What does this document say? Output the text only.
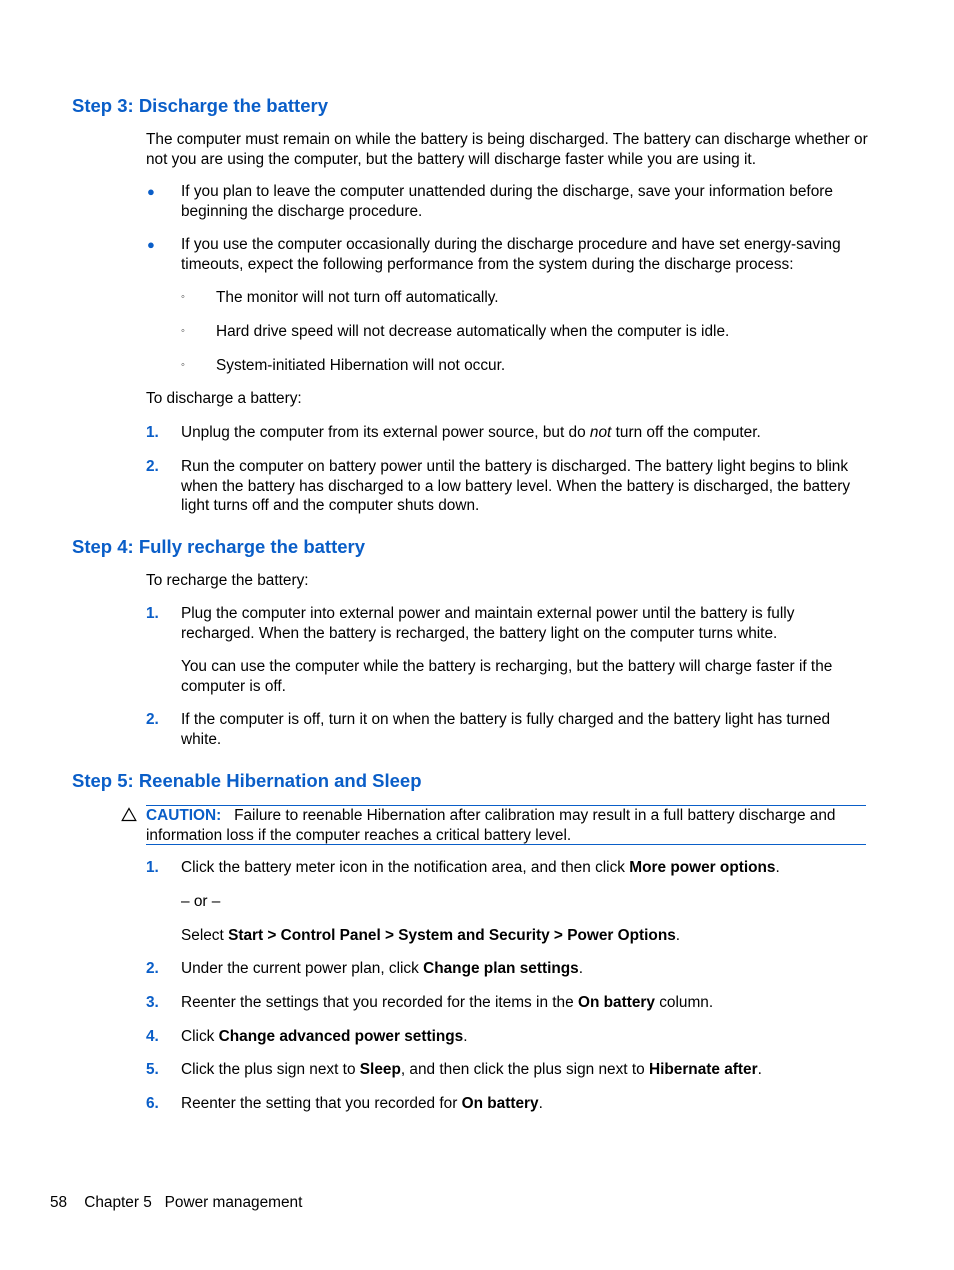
Step 3: Discharge the battery

The computer must remain on while the battery is being discharged. The battery can discharge whether or not you are using the computer, but the battery will discharge faster while you are using it.

● If you plan to leave the computer unattended during the discharge, save your information before beginning the discharge procedure.
● If you use the computer occasionally during the discharge procedure and have set energy-saving timeouts, expect the following performance from the system during the discharge process:
◦ The monitor will not turn off automatically.
◦ Hard drive speed will not decrease automatically when the computer is idle.
◦ System-initiated Hibernation will not occur.

To discharge a battery:

1. Unplug the computer from its external power source, but do not turn off the computer.
2. Run the computer on battery power until the battery is discharged. The battery light begins to blink when the battery has discharged to a low battery level. When the battery is discharged, the battery light turns off and the computer shuts down.
Step 4: Fully recharge the battery

To recharge the battery:

1. Plug the computer into external power and maintain external power until the battery is fully recharged. When the battery is recharged, the battery light on the computer turns white.

You can use the computer while the battery is recharging, but the battery will charge faster if the computer is off.

2. If the computer is off, turn it on when the battery is fully charged and the battery light has turned white.
Step 5: Reenable Hibernation and Sleep
CAUTION: Failure to reenable Hibernation after calibration may result in a full battery discharge and information loss if the computer reaches a critical battery level.
1. Click the battery meter icon in the notification area, and then click More power options.

– or –

Select Start > Control Panel > System and Security > Power Options.

2. Under the current power plan, click Change plan settings.
3. Reenter the settings that you recorded for the items in the On battery column.
4. Click Change advanced power settings.
5. Click the plus sign next to Sleep, and then click the plus sign next to Hibernate after.
6. Reenter the setting that you recorded for On battery.
58 Chapter 5 Power management
